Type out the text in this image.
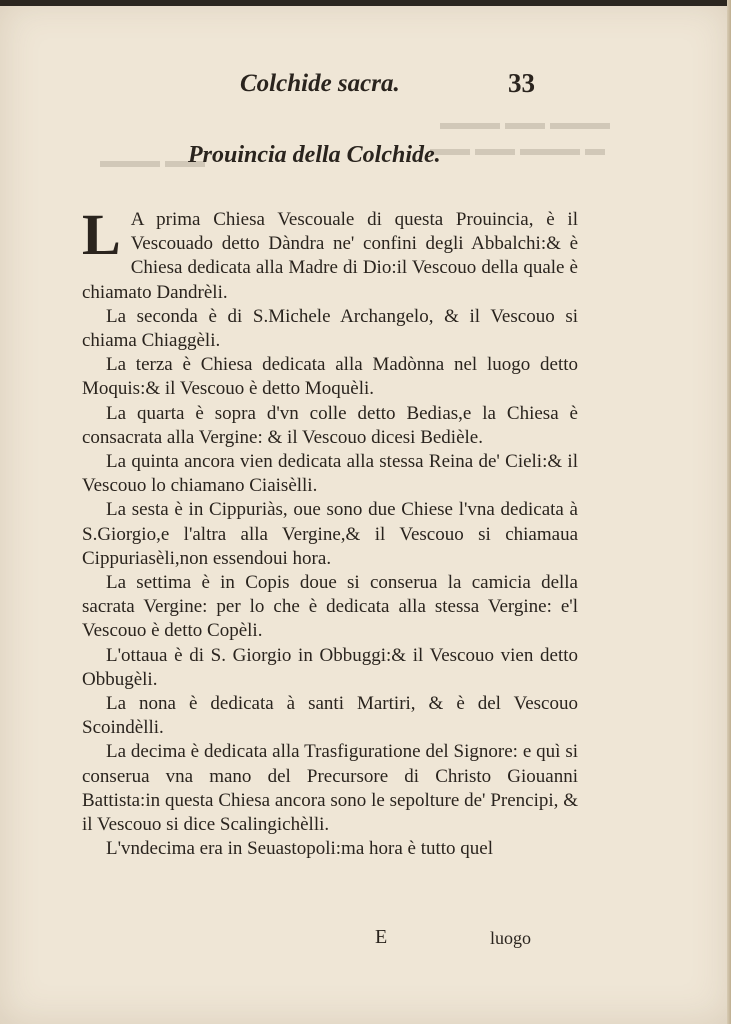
▬▬▬ ▬▬ ▬▬▬
▬ ▬▬▬ ▬▬ ▬▬
▬▬ ▬▬▬
Colchide sacra.	33
Prouincia della Colchide.

L A prima Chiesa Vescouale di questa Prouincia, è il Vescouado detto Dàndra ne' confini degli Abbalchi:& è Chiesa dedicata alla Madre di Dio:il Vescouo della quale è chiamato Dandrèli.

La seconda è di S.Michele Archangelo, & il Vescouo si chiama Chiaggèli.

La terza è Chiesa dedicata alla Madònna nel luogo detto Moquis:& il Vescouo è detto Moquèli.

La quarta è sopra d'vn colle detto Bedias,e la Chiesa è consacrata alla Vergine: & il Vescouo dicesi Bedièle.

La quinta ancora vien dedicata alla stessa Reina de' Cieli:& il Vescouo lo chiamano Ciaisèlli.

La sesta è in Cippuriàs, oue sono due Chiese l'vna dedicata à S.Giorgio,e l'altra alla Vergine,& il Vescouo si chiamaua Cippuriasèli,non essendoui hora.

La settima è in Copis doue si conserua la camicia della sacrata Vergine: per lo che è dedicata alla stessa Vergine: e'l Vescouo è detto Copèli.

L'ottaua è di S. Giorgio in Obbuggi:& il Vescouo vien detto Obbugèli.

La nona è dedicata à santi Martiri, & è del Vescouo Scoindèlli.

La decima è dedicata alla Trasfiguratione del Signore: e quì si conserua vna mano del Precursore di Christo Giouanni Battista:in questa Chiesa ancora sono le sepolture de' Prencipi, & il Vescouo si dice Scalingichèlli.

L'vndecima era in Seuastopoli:ma hora è tutto quel

E	luogo
